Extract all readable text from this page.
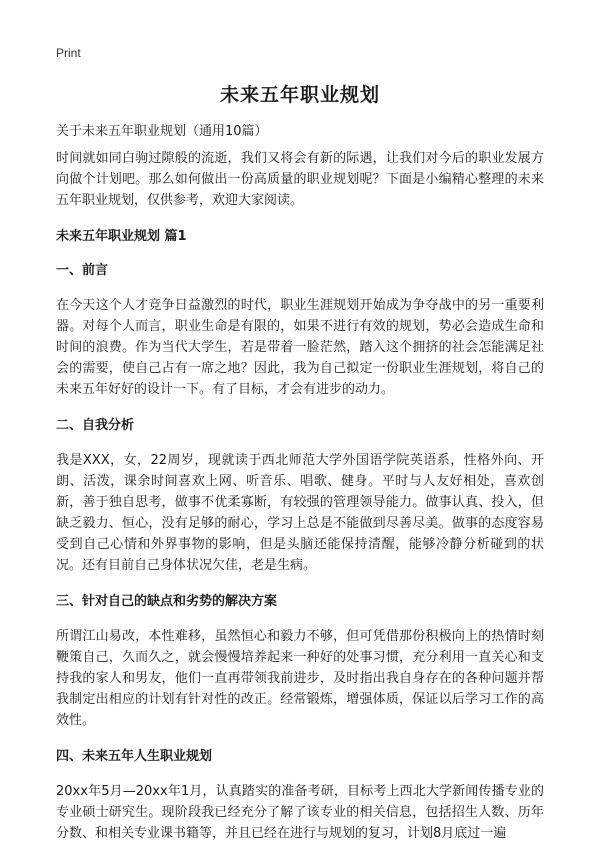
Print
未来五年职业规划
关于未来五年职业规划（通用10篇）

时间就如同白驹过隙般的流逝，我们又将会有新的际遇，让我们对今后的职业发展方向做个计划吧。那么如何做出一份高质量的职业规划呢？下面是小编精心整理的未来五年职业规划，仅供参考，欢迎大家阅读。

未来五年职业规划 篇1
一、前言

在今天这个人才竞争日益激烈的时代，职业生涯规划开始成为争夺战中的另一重要利器。对每个人而言，职业生命是有限的，如果不进行有效的规划，势必会造成生命和时间的浪费。作为当代大学生，若是带着一脸茫然，踏入这个拥挤的社会怎能满足社会的需要，使自己占有一席之地？因此，我为自己拟定一份职业生涯规划，将自己的未来五年好好的设计一下。有了目标，才会有进步的动力。

二、自我分析

我是XXX，女，22周岁，现就读于西北师范大学外国语学院英语系，性格外向、开朗、活泼，课余时间喜欢上网、听音乐、唱歌、健身。平时与人友好相处，喜欢创新，善于独自思考，做事不优柔寡断，有较强的管理领导能力。做事认真、投入，但缺乏毅力、恒心，没有足够的耐心，学习上总是不能做到尽善尽美。做事的态度容易受到自己心情和外界事物的影响，但是头脑还能保持清醒，能够冷静分析碰到的状况。还有目前自己身体状况欠佳，老是生病。

三、针对自己的缺点和劣势的解决方案

所谓江山易改，本性难移，虽然恒心和毅力不够，但可凭借那份积极向上的热情时刻鞭策自己，久而久之，就会慢慢培养起来一种好的处事习惯，充分利用一直关心和支持我的家人和男友，他们一直再带领我前进步，及时指出我自身存在的各种问题并帮我制定出相应的计划有针对性的改正。经常锻炼，增强体质，保证以后学习工作的高效性。

四、未来五年人生职业规划

20xx年5月—20xx年1月，认真踏实的准备考研，目标考上西北大学新闻传播专业的专业硕士研究生。现阶段我已经充分了解了该专业的相关信息，包括招生人数、历年分数、和相关专业课书籍等，并且已经在进行与规划的复习，计划8月底过一遍
